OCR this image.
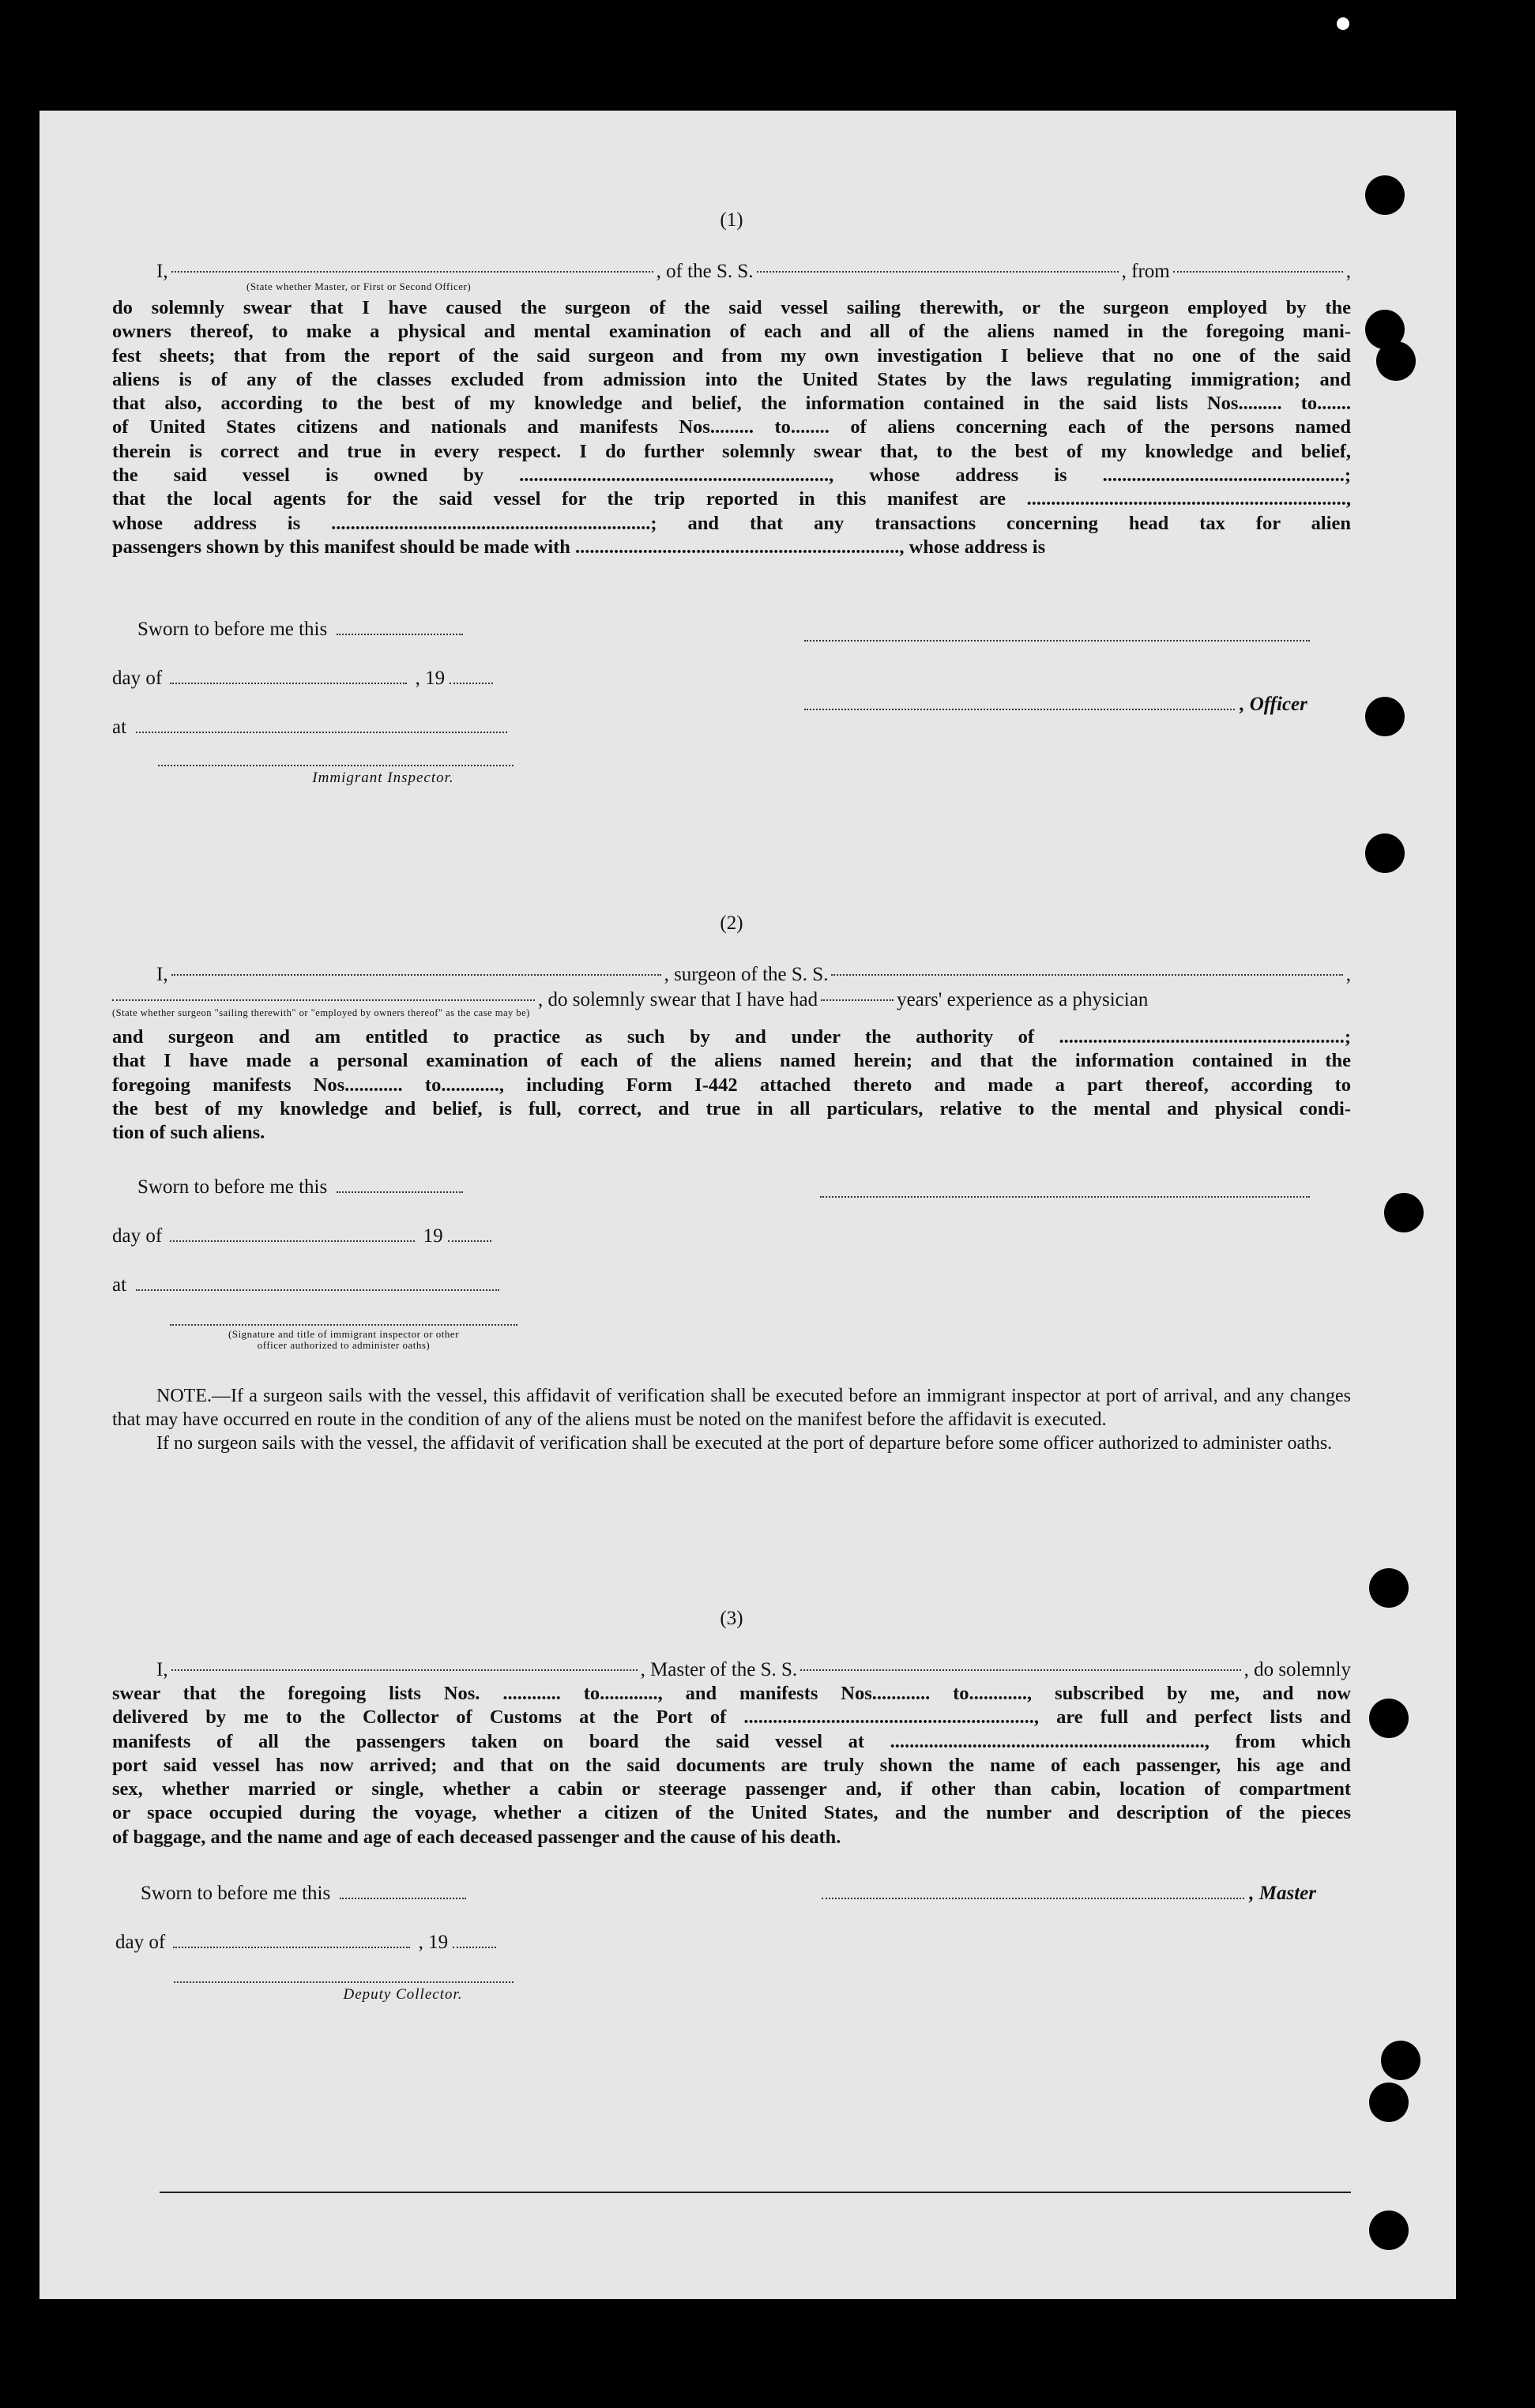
(1)
I,	, of the S. S.	, from	,
(State whether Master, or First or Second Officer)
do solemnly swear that I have caused the surgeon of the said vessel sailing therewith, or the surgeon employed by the
owners thereof, to make a physical and mental examination of each and all of the aliens named in the foregoing mani-
fest sheets; that from the report of the said surgeon and from my own investigation I believe that no one of the said
aliens is of any of the classes excluded from admission into the United States by the laws regulating immigration; and
that also, according to the best of my knowledge and belief, the information contained in the said lists Nos......... to.......
of United States citizens and nationals and manifests Nos......... to........ of aliens concerning each of the persons named
therein is correct and true in every respect. I do further solemnly swear that, to the best of my knowledge and belief,
the said vessel is owned by ................................................................, whose address is ..................................................;
that the local agents for the said vessel for the trip reported in this manifest are ..................................................................,
whose address is ..................................................................; and that any transactions concerning head tax for alien
passengers shown by this manifest should be made with ..................................................................., whose address is
Sworn to before me this
day of	, 19
at
Immigrant Inspector.
, Officer
(2)
I,	, surgeon of the S. S.	,
, do solemnly swear that I have had	years' experience as a physician
(State whether surgeon "sailing therewith" or "employed by owners thereof" as the case may be)
and surgeon and am entitled to practice as such by and under the authority of ...........................................................;
that I have made a personal examination of each of the aliens named herein; and that the information contained in the
foregoing manifests Nos............ to............, including Form I-442 attached thereto and made a part thereof, according to
the best of my knowledge and belief, is full, correct, and true in all particulars, relative to the mental and physical condi-
tion of such aliens.
Sworn to before me this
day of	19
at
(Signature and title of immigrant inspector or other officer authorized to administer oaths)
NOTE.—If a surgeon sails with the vessel, this affidavit of verification shall be executed before an immigrant inspector at port of arrival, and any changes that may have occurred en route in the condition of any of the aliens must be noted on the manifest before the affidavit is executed.
If no surgeon sails with the vessel, the affidavit of verification shall be executed at the port of departure before some officer authorized to administer oaths.
(3)
I,	, Master of the S. S.	, do solemnly
swear that the foregoing lists Nos. ............ to............, and manifests Nos............ to............, subscribed by me, and now
delivered by me to the Collector of Customs at the Port of ............................................................, are full and perfect lists and
manifests of all the passengers taken on board the said vessel at ................................................................., from which
port said vessel has now arrived; and that on the said documents are truly shown the name of each passenger, his age and
sex, whether married or single, whether a cabin or steerage passenger and, if other than cabin, location of compartment
or space occupied during the voyage, whether a citizen of the United States, and the number and description of the pieces
of baggage, and the name and age of each deceased passenger and the cause of his death.
Sworn to before me this	, Master
day of	, 19
Deputy Collector.
